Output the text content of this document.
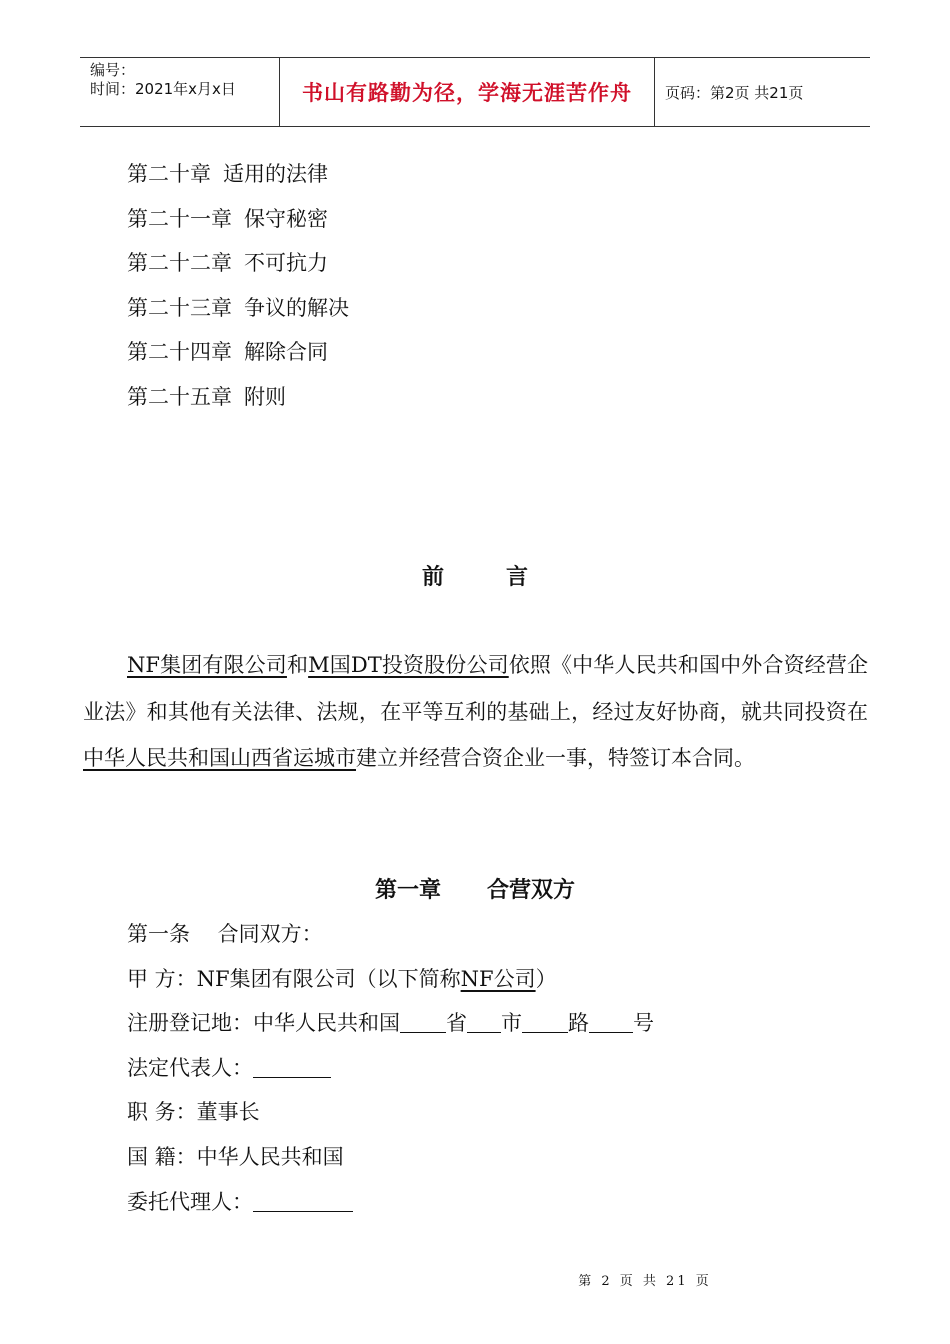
编号：
时间：2021年x月x日	书山有路勤为径，学海无涯苦作舟	页码：第2页 共21页
第二十章 适用的法律
第二十一章 保守秘密
第二十二章 不可抗力
第二十三章 争议的解决
第二十四章 解除合同
第二十五章 附则
前	言
NF集团有限公司和M国DT投资股份公司依照《中华人民共和国中外合资经营企业法》和其他有关法律、法规，在平等互利的基础上，经过友好协商，就共同投资在中华人民共和国山西省运城市建立并经营合资企业一事，特签订本合同。
第一章 合营双方
第一条　 合同双方：
甲 方：NF集团有限公司（以下简称NF公司）
注册登记地：中华人民共和国 省 市 路 号
法定代表人：
职 务：董事长
国 籍：中华人民共和国
委托代理人：
第 2 页 共 21 页
